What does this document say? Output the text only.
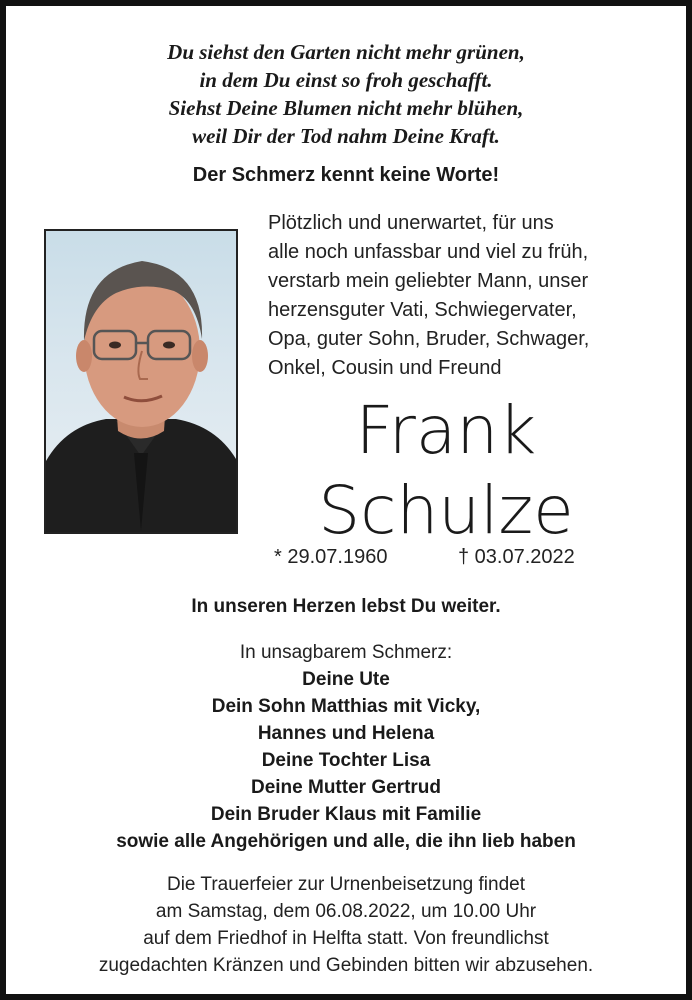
Du siehst den Garten nicht mehr grünen,
in dem Du einst so froh geschafft.
Siehst Deine Blumen nicht mehr blühen,
weil Dir der Tod nahm Deine Kraft.
Der Schmerz kennt keine Worte!
Plötzlich und unerwartet, für uns
alle noch unfassbar und viel zu früh,
verstarb mein geliebter Mann, unser
herzensguter Vati, Schwiegervater,
Opa, guter Sohn, Bruder, Schwager,
Onkel, Cousin und Freund
Frank
Schulze
* 29.07.1960	† 03.07.2022
In unseren Herzen lebst Du weiter.
In unsagbarem Schmerz:
Deine Ute
Dein Sohn Matthias mit Vicky,
Hannes und Helena
Deine Tochter Lisa
Deine Mutter Gertrud
Dein Bruder Klaus mit Familie
sowie alle Angehörigen und alle, die ihn lieb haben
Die Trauerfeier zur Urnenbeisetzung findet
am Samstag, dem 06.08.2022, um 10.00 Uhr
auf dem Friedhof in Helfta statt. Von freundlichst
zugedachten Kränzen und Gebinden bitten wir abzusehen.
